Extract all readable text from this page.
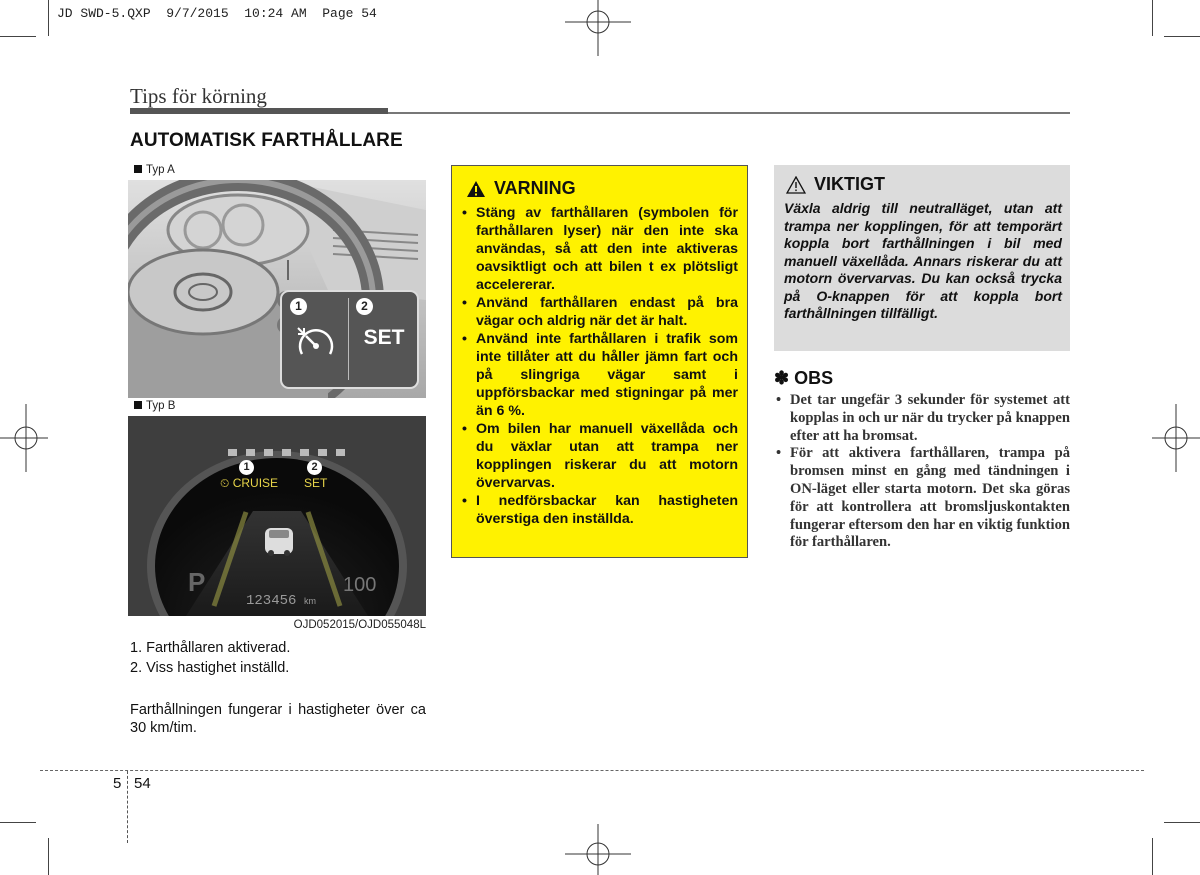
JD SWD-5.QXP  9/7/2015  10:24 AM  Page 54
Tips för körning
AUTOMATISK FARTHÅLLARE
Typ A
1	2
SET
Typ B
P	100
123456 km
1	2
⏲ CRUISE SET
OJD052015/OJD055048L
1. Farthållaren aktiverad.
2. Viss hastighet inställd.
Farthållningen fungerar i hastigheter över ca 30 km/tim.
VARNING
• Stäng av farthållaren (symbolen för farthållaren lyser) när den inte ska användas, så att den inte aktiveras oavsiktligt och att bilen t ex plötsligt accelererar.
• Använd farthållaren endast på bra vägar och aldrig när det är halt.
• Använd inte farthållaren i trafik som inte tillåter att du håller jämn fart och på slingriga vägar samt i uppförsbackar med stigningar på mer än 6 %.
• Om bilen har manuell växellåda och du växlar utan att trampa ner kopplingen riskerar du att motorn övervarvas.
• I nedförsbackar kan hastigheten överstiga den inställda.
VIKTIGT
Växla aldrig till neutralläget, utan att trampa ner kopplingen, för att temporärt koppla bort farthållningen i bil med manuell växellåda. Annars riskerar du att motorn övervarvas. Du kan också trycka på O-knappen för att koppla bort farthållningen tillfälligt.
✽ OBS
• Det tar ungefär 3 sekunder för systemet att kopplas in och ur när du trycker på knappen efter att ha bromsat.
• För att aktivera farthållaren, trampa på bromsen minst en gång med tändningen i ON-läget eller starta motorn. Det ska göras för att kontrollera att bromsljuskontakten fungerar eftersom den har en viktig funktion för farthållaren.
5 54
